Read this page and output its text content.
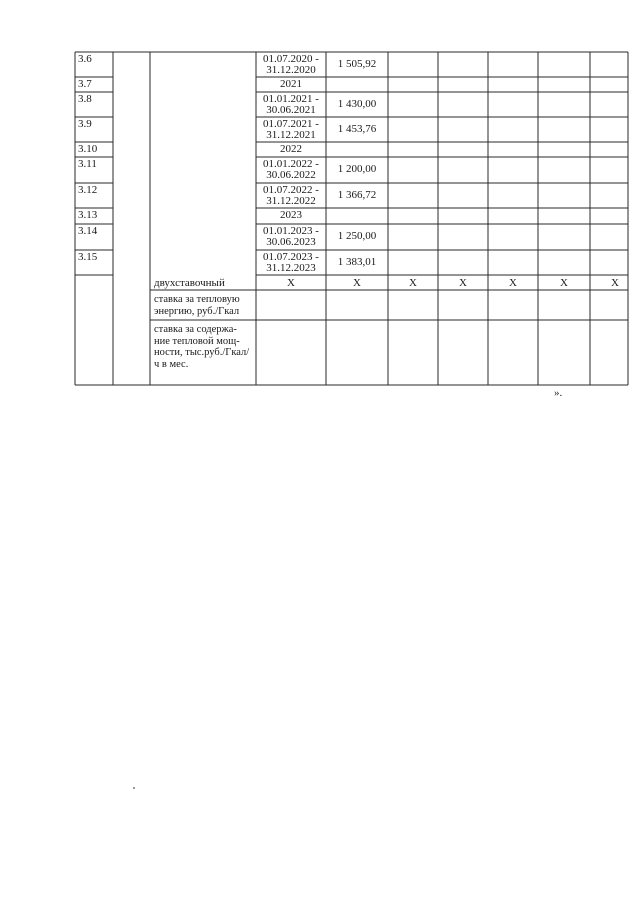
3.6	01.07.2020 -
31.12.2020	1 505,92
3.7	2021
3.8	01.01.2021 -
30.06.2021	1 430,00
3.9	01.07.2021 -
31.12.2021	1 453,76
3.10	2022
3.11	01.01.2022 -
30.06.2022	1 200,00
3.12	01.07.2022 -
31.12.2022	1 366,72
3.13	2023
3.14	01.01.2023 -
30.06.2023	1 250,00
3.15	01.07.2023 -
31.12.2023	1 383,01
двухставочный	X	X	X	X	X	X	X
ставка за тепловую энергию, руб./Гкал
ставка за содержа- ние тепловой мощ- ности, тыс.руб./Гкал/ч в мес.
».
